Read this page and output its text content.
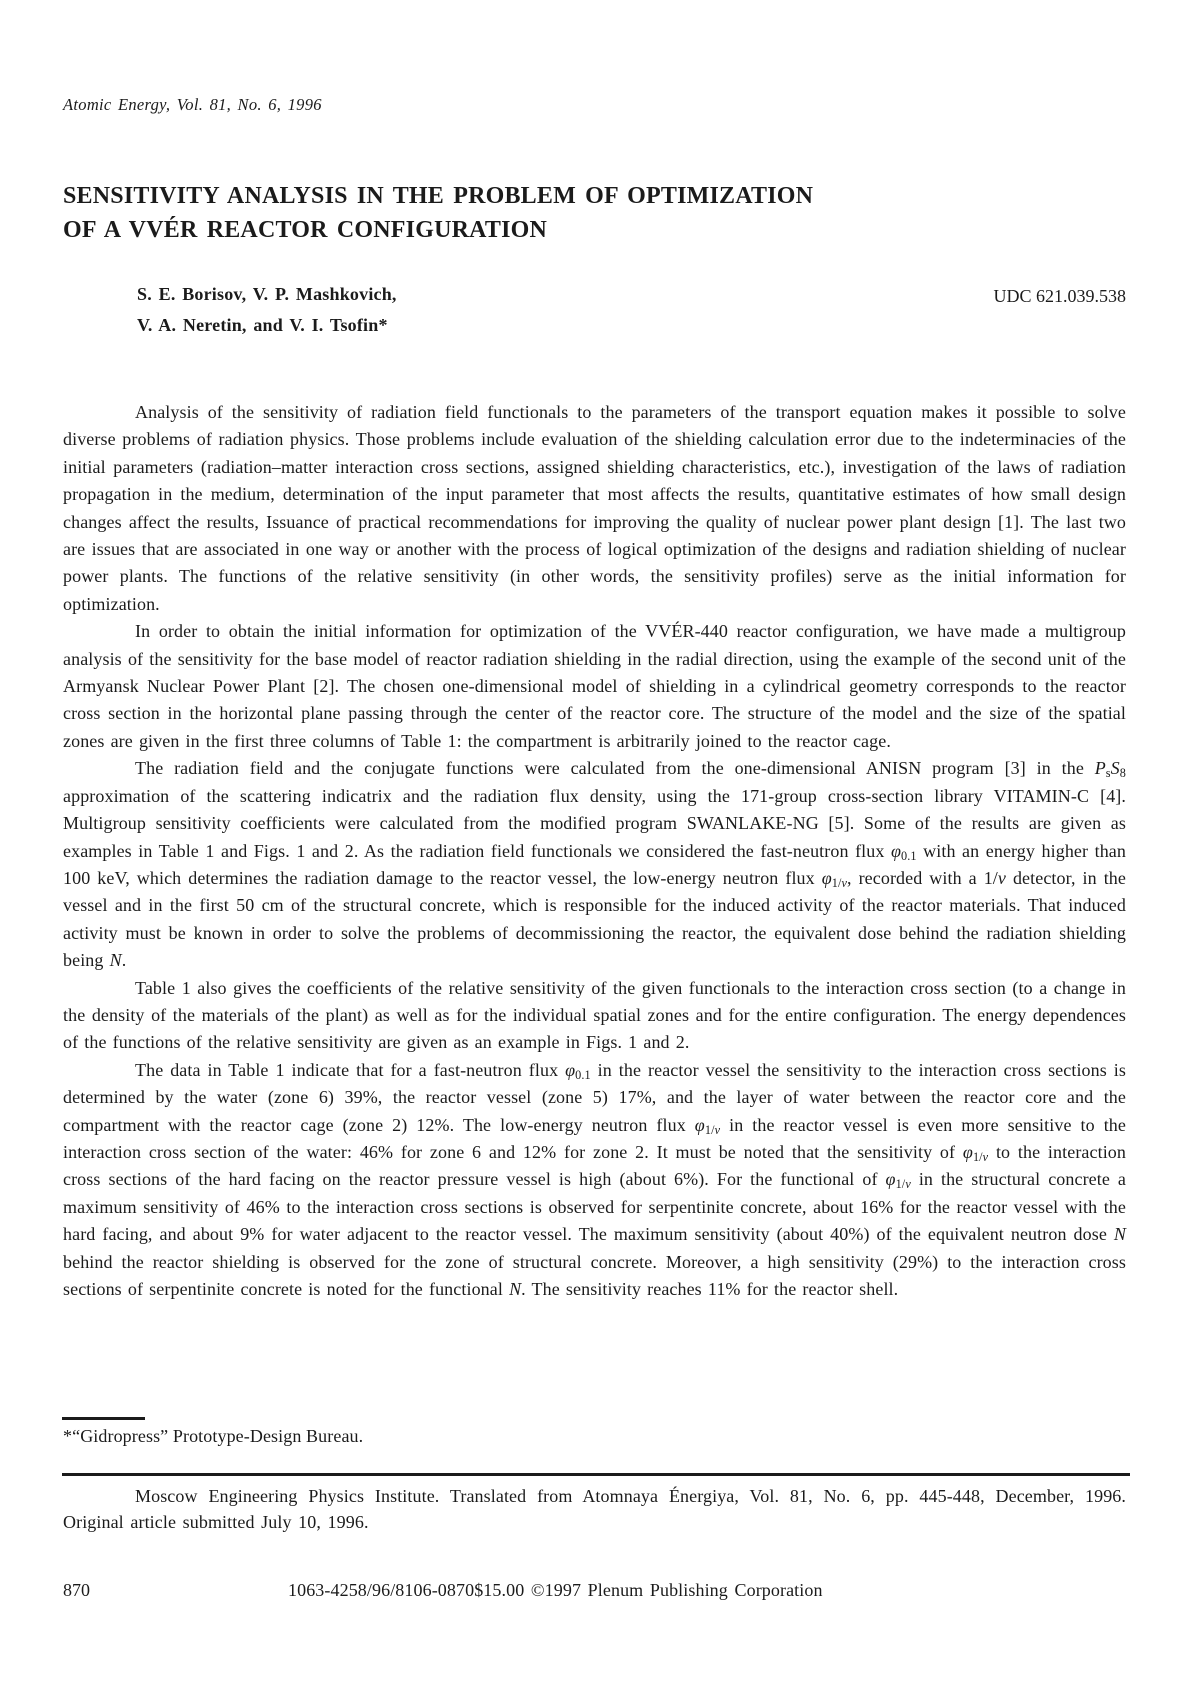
Atomic Energy, Vol. 81, No. 6, 1996
SENSITIVITY ANALYSIS IN THE PROBLEM OF OPTIMIZATION
OF A VVÉR REACTOR CONFIGURATION
S. E. Borisov, V. P. Mashkovich,
V. A. Neretin, and V. I. Tsofin*
UDC 621.039.538

Analysis of the sensitivity of radiation field functionals to the parameters of the transport equation makes it possible to solve diverse problems of radiation physics. Those problems include evaluation of the shielding calculation error due to the indeterminacies of the initial parameters (radiation–matter interaction cross sections, assigned shielding characteristics, etc.), investigation of the laws of radiation propagation in the medium, determination of the input parameter that most affects the results, quantitative estimates of how small design changes affect the results, Issuance of practical recommendations for improving the quality of nuclear power plant design [1]. The last two are issues that are associated in one way or another with the process of logical optimization of the designs and radiation shielding of nuclear power plants. The functions of the relative sensitivity (in other words, the sensitivity profiles) serve as the initial information for optimization.

In order to obtain the initial information for optimization of the VVÉR-440 reactor configuration, we have made a multigroup analysis of the sensitivity for the base model of reactor radiation shielding in the radial direction, using the example of the second unit of the Armyansk Nuclear Power Plant [2]. The chosen one-dimensional model of shielding in a cylindrical geometry corresponds to the reactor cross section in the horizontal plane passing through the center of the reactor core. The structure of the model and the size of the spatial zones are given in the first three columns of Table 1: the compartment is arbitrarily joined to the reactor cage.

The radiation field and the conjugate functions were calculated from the one-dimensional ANISN program [3] in the $P_sS_8$ approximation of the scattering indicatrix and the radiation flux density, using the 171-group cross-section library VITAMIN-C [4]. Multigroup sensitivity coefficients were calculated from the modified program SWANLAKE-NG [5]. Some of the results are given as examples in Table 1 and Figs. 1 and 2. As the radiation field functionals we considered the fast-neutron flux $\varphi_{0.1}$ with an energy higher than 100 keV, which determines the radiation damage to the reactor vessel, the low-energy neutron flux $\varphi_{1/\nu}$, recorded with a 1/ν detector, in the vessel and in the first 50 cm of the structural concrete, which is responsible for the induced activity of the reactor materials. That induced activity must be known in order to solve the problems of decommissioning the reactor, the equivalent dose behind the radiation shielding being N.

Table 1 also gives the coefficients of the relative sensitivity of the given functionals to the interaction cross section (to a change in the density of the materials of the plant) as well as for the individual spatial zones and for the entire configuration. The energy dependences of the functions of the relative sensitivity are given as an example in Figs. 1 and 2.

The data in Table 1 indicate that for a fast-neutron flux $\varphi_{0.1}$ in the reactor vessel the sensitivity to the interaction cross sections is determined by the water (zone 6) 39%, the reactor vessel (zone 5) 17%, and the layer of water between the reactor core and the compartment with the reactor cage (zone 2) 12%. The low-energy neutron flux $\varphi_{1/\nu}$ in the reactor vessel is even more sensitive to the interaction cross section of the water: 46% for zone 6 and 12% for zone 2. It must be noted that the sensitivity of $\varphi_{1/\nu}$ to the interaction cross sections of the hard facing on the reactor pressure vessel is high (about 6%). For the functional of $\varphi_{1/\nu}$ in the structural concrete a maximum sensitivity of 46% to the interaction cross sections is observed for serpentinite concrete, about 16% for the reactor vessel with the hard facing, and about 9% for water adjacent to the reactor vessel. The maximum sensitivity (about 40%) of the equivalent neutron dose N behind the reactor shielding is observed for the zone of structural concrete. Moreover, a high sensitivity (29%) to the interaction cross sections of serpentinite concrete is noted for the functional N. The sensitivity reaches 11% for the reactor shell.

*“Gidropress” Prototype-Design Bureau.

Moscow Engineering Physics Institute. Translated from Atomnaya Énergiya, Vol. 81, No. 6, pp. 445-448, December, 1996. Original article submitted July 10, 1996.

870	1063-4258/96/8106-0870$15.00 ©1997 Plenum Publishing Corporation
